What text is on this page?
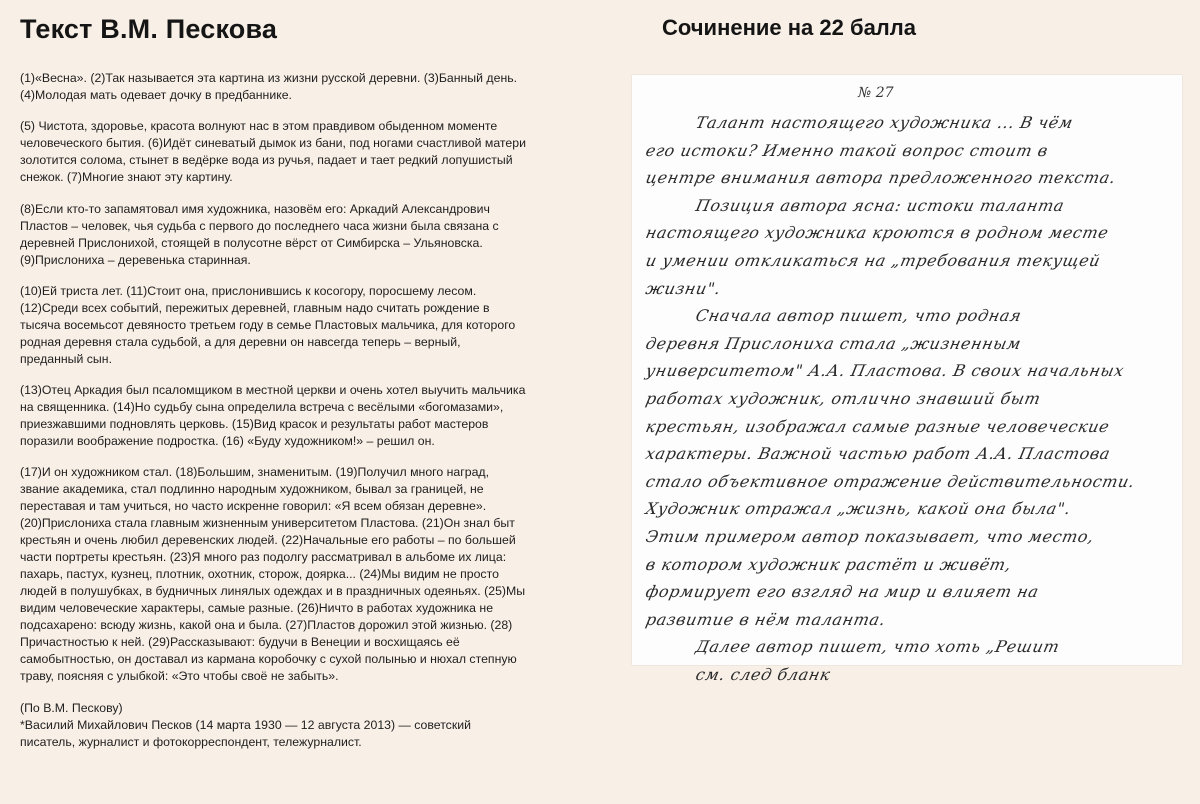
Текст В.М. Пескова

(1)«Весна». (2)Так называется эта картина из жизни русской деревни. (3)Банный день. (4)Молодая мать одевает дочку в предбаннике.

(5) Чистота, здоровье, красота волнуют нас в этом правдивом обыденном моменте человеческого бытия. (6)Идёт синеватый дымок из бани, под ногами счастливой матери золотится солома, стынет в ведёрке вода из ручья, падает и тает редкий лопушистый снежок. (7)Многие знают эту картину.

(8)Если кто-то запамятовал имя художника, назовём его: Аркадий Александрович Пластов – человек, чья судьба с первого до последнего часа жизни была связана с деревней Прислонихой, стоящей в полусотне вёрст от Симбирска – Ульяновска. (9)Прислониха – деревенька старинная.

(10)Ей триста лет. (11)Стоит она, прислонившись к косогору, поросшему лесом. (12)Среди всех событий, пережитых деревней, главным надо считать рождение в тысяча восемьсот девяносто третьем году в семье Пластовых мальчика, для которого родная деревня стала судьбой, а для деревни он навсегда теперь – верный, преданный сын.

(13)Отец Аркадия был псаломщиком в местной церкви и очень хотел выучить мальчика на священника. (14)Но судьбу сына определила встреча с весёлыми «богомазами», приезжавшими подновлять церковь. (15)Вид красок и результаты работ мастеров поразили воображение подростка. (16) «Буду художником!» – решил он.

(17)И он художником стал. (18)Большим, знаменитым. (19)Получил много наград, звание академика, стал подлинно народным художником, бывал за границей, не переставая и там учиться, но часто искренне говорил: «Я всем обязан деревне». (20)Прислониха стала главным жизненным университетом Пластова. (21)Он знал быт крестьян и очень любил деревенских людей. (22)Начальные его работы – по большей части портреты крестьян. (23)Я много раз подолгу рассматривал в альбоме их лица: пахарь, пастух, кузнец, плотник, охотник, сторож, доярка... (24)Мы видим не просто людей в полушубках, в будничных линялых одеждах и в праздничных одеяньях. (25)Мы видим человеческие характеры, самые разные. (26)Ничто в работах художника не подсахарено: всюду жизнь, какой она и была. (27)Пластов дорожил этой жизнью. (28) Причастностью к ней. (29)Рассказывают: будучи в Венеции и восхищаясь её самобытностью, он доставал из кармана коробочку с сухой полынью и нюхал степную траву, поясняя с улыбкой: «Это чтобы своё не забыть».

(По В.М. Пескову)
*Василий Михайлович Песков (14 марта 1930 — 12 августа 2013) — советский писатель, журналист и фотокорреспондент, тележурналист.

Сочинение на 22 балла
№ 27
Талант настоящего художника ... В чём
его истоки? Именно такой вопрос стоит в
центре внимания автора предложенного текста.
Позиция автора ясна: истоки таланта
настоящего художника кроются в родном месте
и умении откликаться на „требования текущей
жизни".
Сначала автор пишет, что родная
деревня Прислониха стала „жизненным
университетом" А.А. Пластова. В своих начальных
работах художник, отлично знавший быт
крестьян, изображал самые разные человеческие
характеры. Важной частью работ А.А. Пластова
стало объективное отражение действительности.
Художник отражал „жизнь, какой она была".
Этим примером автор показывает, что место,
в котором художник растёт и живёт,
формирует его взгляд на мир и влияет на
развитие в нём таланта.
Далее автор пишет, что хоть „Решит
см. след бланк
